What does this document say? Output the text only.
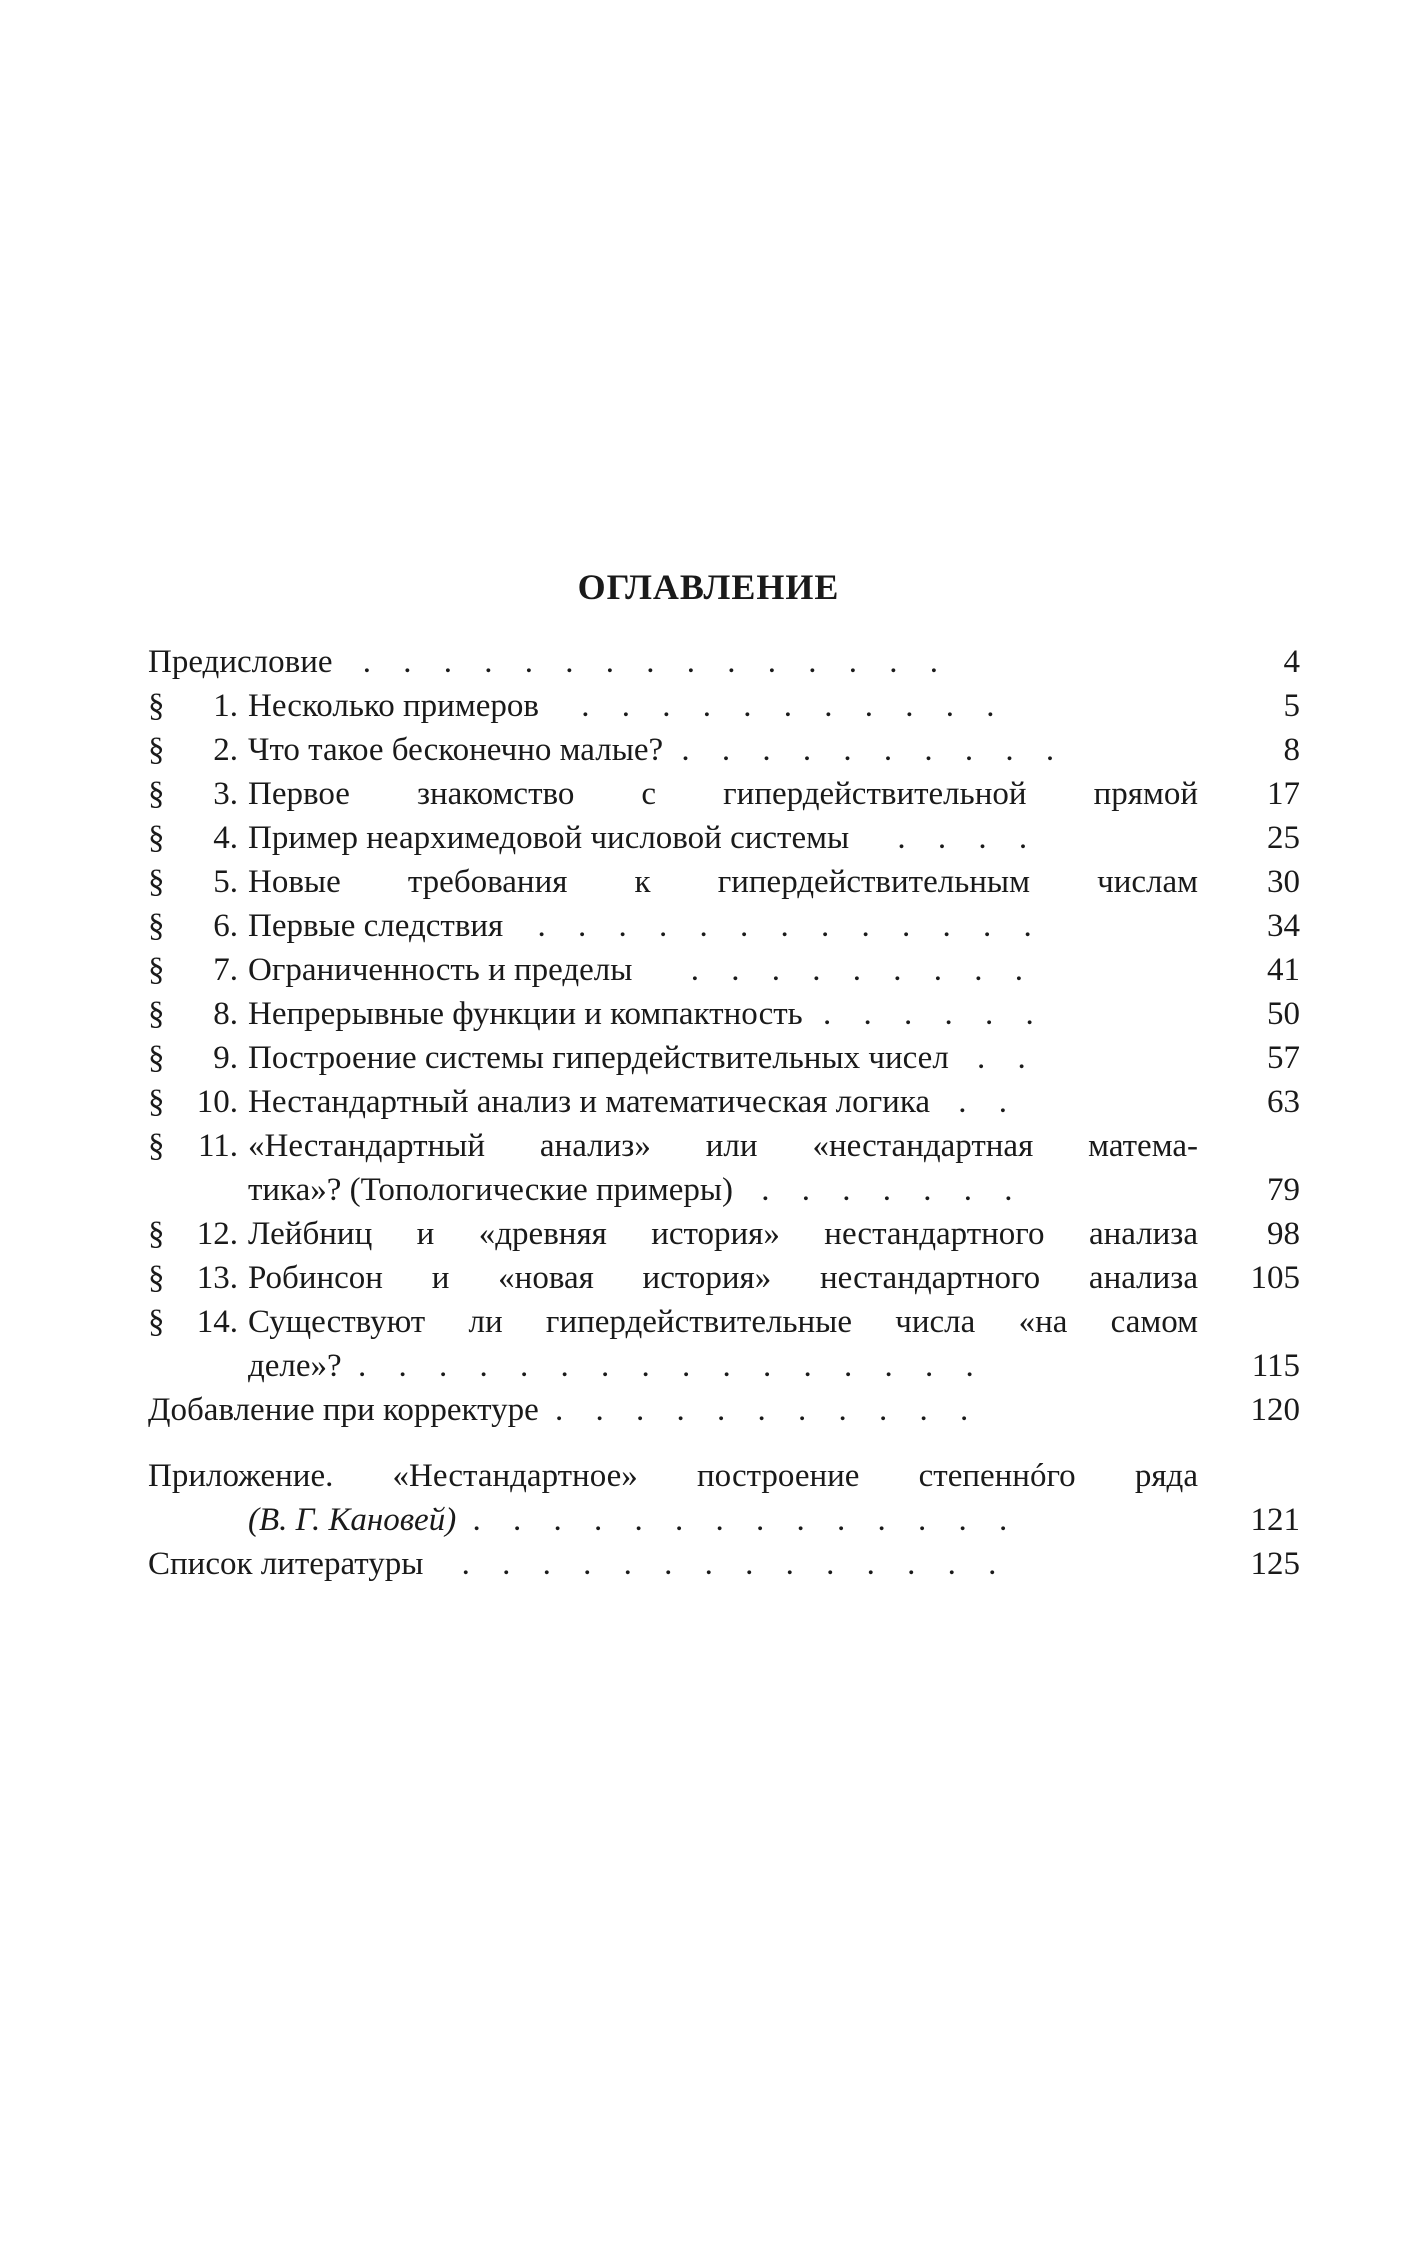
ОГЛАВЛЕНИЕ
Предисловие . . . . . . . . . . . . . . .	4
§	1. Несколько примеров . . . . . . . . . . .	5
§	2. Что такое бесконечно малые? . . . . . . . . . .	8
§	3. Первое знакомство с гипердействительной прямой	17
§	4. Пример неархимедовой числовой системы . . . .	25
§	5. Новые требования к гипердействительным числам	30
§	6. Первые следствия . . . . . . . . . . . . .	34
§	7. Ограниченность и пределы . . . . . . . . .	41
§	8. Непрерывные функции и компактность . . . . . .	50
§	9. Построение системы гипердействительных чисел . .	57
§ 10. Нестандартный анализ и математическая логика . .	63
§	11. «Нестандартный анализ» или «нестандартная матема-
тика»? (Топологические примеры) . . . . . . .	79
§ 12. Лейбниц и «древняя история» нестандартного анализа	98
§ 13. Робинсон и «новая история» нестандартного анализа	105
§ 14. Существуют ли гипердействительные числа «на самом
деле»? . . . . . . . . . . . . . . . .	115
Добавление при корректуре . . . . . . . . . . .	120
Приложение. «Нестандартное» построение степеннóго ряда
(В. Г. Кановей) . . . . . . . . . . . . . .	121
Список литературы . . . . . . . . . . . . . .	125
